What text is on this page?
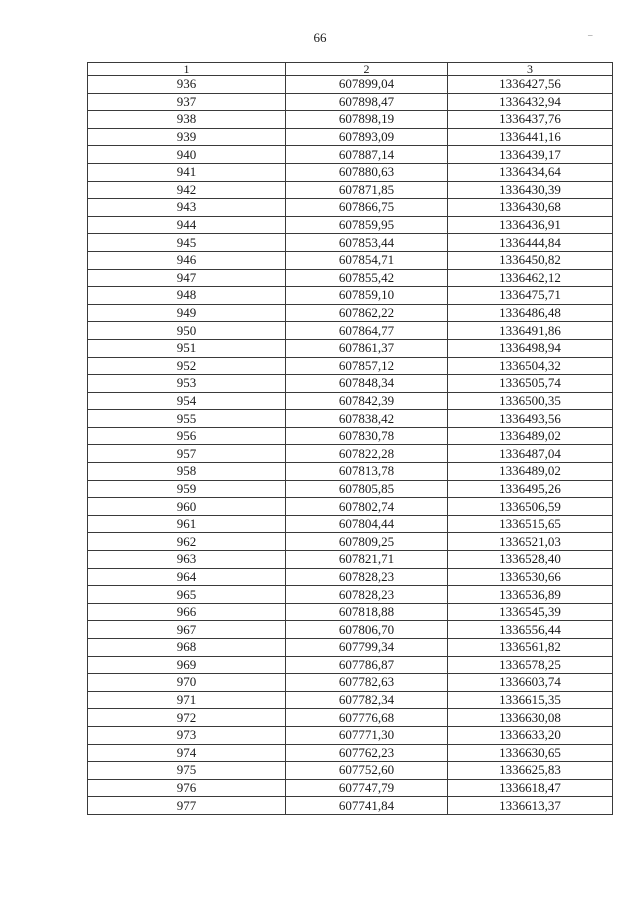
66	–
1	2	3
936	607899,04	1336427,56
937	607898,47	1336432,94
938	607898,19	1336437,76
939	607893,09	1336441,16
940	607887,14	1336439,17
941	607880,63	1336434,64
942	607871,85	1336430,39
943	607866,75	1336430,68
944	607859,95	1336436,91
945	607853,44	1336444,84
946	607854,71	1336450,82
947	607855,42	1336462,12
948	607859,10	1336475,71
949	607862,22	1336486,48
950	607864,77	1336491,86
951	607861,37	1336498,94
952	607857,12	1336504,32
953	607848,34	1336505,74
954	607842,39	1336500,35
955	607838,42	1336493,56
956	607830,78	1336489,02
957	607822,28	1336487,04
958	607813,78	1336489,02
959	607805,85	1336495,26
960	607802,74	1336506,59
961	607804,44	1336515,65
962	607809,25	1336521,03
963	607821,71	1336528,40
964	607828,23	1336530,66
965	607828,23	1336536,89
966	607818,88	1336545,39
967	607806,70	1336556,44
968	607799,34	1336561,82
969	607786,87	1336578,25
970	607782,63	1336603,74
971	607782,34	1336615,35
972	607776,68	1336630,08
973	607771,30	1336633,20
974	607762,23	1336630,65
975	607752,60	1336625,83
976	607747,79	1336618,47
977	607741,84	1336613,37
